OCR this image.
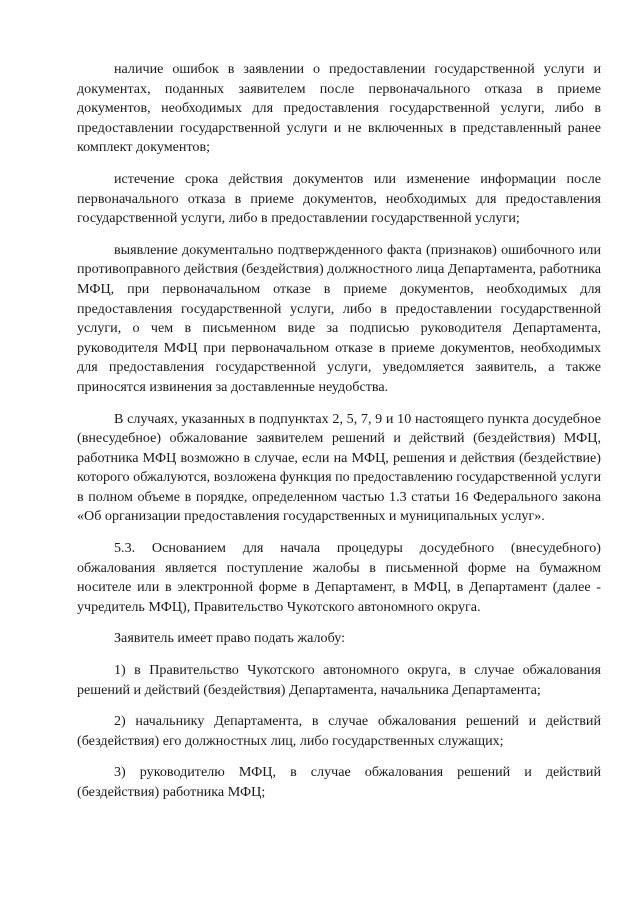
наличие ошибок в заявлении о предоставлении государственной услуги и документах, поданных заявителем после первоначального отказа в приеме документов, необходимых для предоставления государственной услуги, либо в предоставлении государственной услуги и не включенных в представленный ранее комплект документов;

истечение срока действия документов или изменение информации после первоначального отказа в приеме документов, необходимых для предоставления государственной услуги, либо в предоставлении государственной услуги;

выявление документально подтвержденного факта (признаков) ошибочного или противоправного действия (бездействия) должностного лица Департамента, работника МФЦ, при первоначальном отказе в приеме документов, необходимых для предоставления государственной услуги, либо в предоставлении государственной услуги, о чем в письменном виде за подписью руководителя Департамента, руководителя МФЦ при первоначальном отказе в приеме документов, необходимых для предоставления государственной услуги, уведомляется заявитель, а также приносятся извинения за доставленные неудобства.

В случаях, указанных в подпунктах 2, 5, 7, 9 и 10 настоящего пункта досудебное (внесудебное) обжалование заявителем решений и действий (бездействия) МФЦ, работника МФЦ возможно в случае, если на МФЦ, решения и действия (бездействие) которого обжалуются, возложена функция по предоставлению государственной услуги в полном объеме в порядке, определенном частью 1.3 статьи 16 Федерального закона «Об организации предоставления государственных и муниципальных услуг».

5.3. Основанием для начала процедуры досудебного (внесудебного) обжалования является поступление жалобы в письменной форме на бумажном носителе или в электронной форме в Департамент, в МФЦ, в Департамент (далее - учредитель МФЦ), Правительство Чукотского автономного округа.

Заявитель имеет право подать жалобу:

1) в Правительство Чукотского автономного округа, в случае обжалования решений и действий (бездействия) Департамента, начальника Департамента;

2) начальнику Департамента, в случае обжалования решений и действий (бездействия) его должностных лиц, либо государственных служащих;

3) руководителю МФЦ, в случае обжалования решений и действий (бездействия) работника МФЦ;
